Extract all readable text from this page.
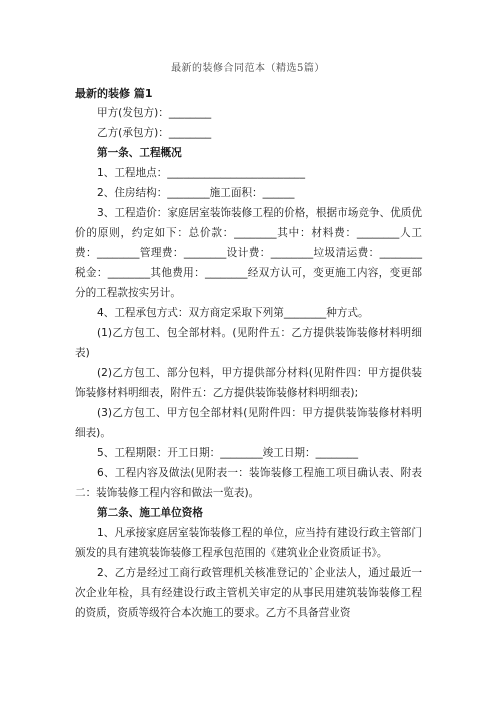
最新的装修合同范本（精选5篇）

最新的装修 篇1

甲方(发包方)：________

乙方(承包方)：________

第一条、工程概况

1、工程地点：__________________________

2、住房结构：________施工面积：______

3、工程造价：家庭居室装饰装修工程的价格，根据市场竞争、优质优价的原则，约定如下：总价款：________其中：材料费：________人工费：________管理费：________设计费：________垃圾清运费：________税金：________其他费用：________经双方认可，变更施工内容，变更部分的工程款按实另计。

4、工程承包方式：双方商定采取下列第________种方式。

(1)乙方包工、包全部材料。(见附件五：乙方提供装饰装修材料明细表)

(2)乙方包工、部分包料，甲方提供部分材料(见附件四：甲方提供装饰装修材料明细表，附件五：乙方提供装饰装修材料明细表);

(3)乙方包工、甲方包全部材料(见附件四：甲方提供装饰装修材料明细表)。

5、工程期限：开工日期：________竣工日期：________

6、工程内容及做法(见附表一：装饰装修工程施工项目确认表、附表二：装饰装修工程内容和做法一览表)。

第二条、施工单位资格

1、凡承接家庭居室装饰装修工程的单位，应当持有建设行政主管部门颁发的具有建筑装饰装修工程承包范围的《建筑业企业资质证书》。

2、乙方是经过工商行政管理机关核准登记的`企业法人，通过最近一次企业年检，具有经建设行政主管机关审定的从事民用建筑装饰装修工程的资质，资质等级符合本次施工的要求。乙方不具备营业资
